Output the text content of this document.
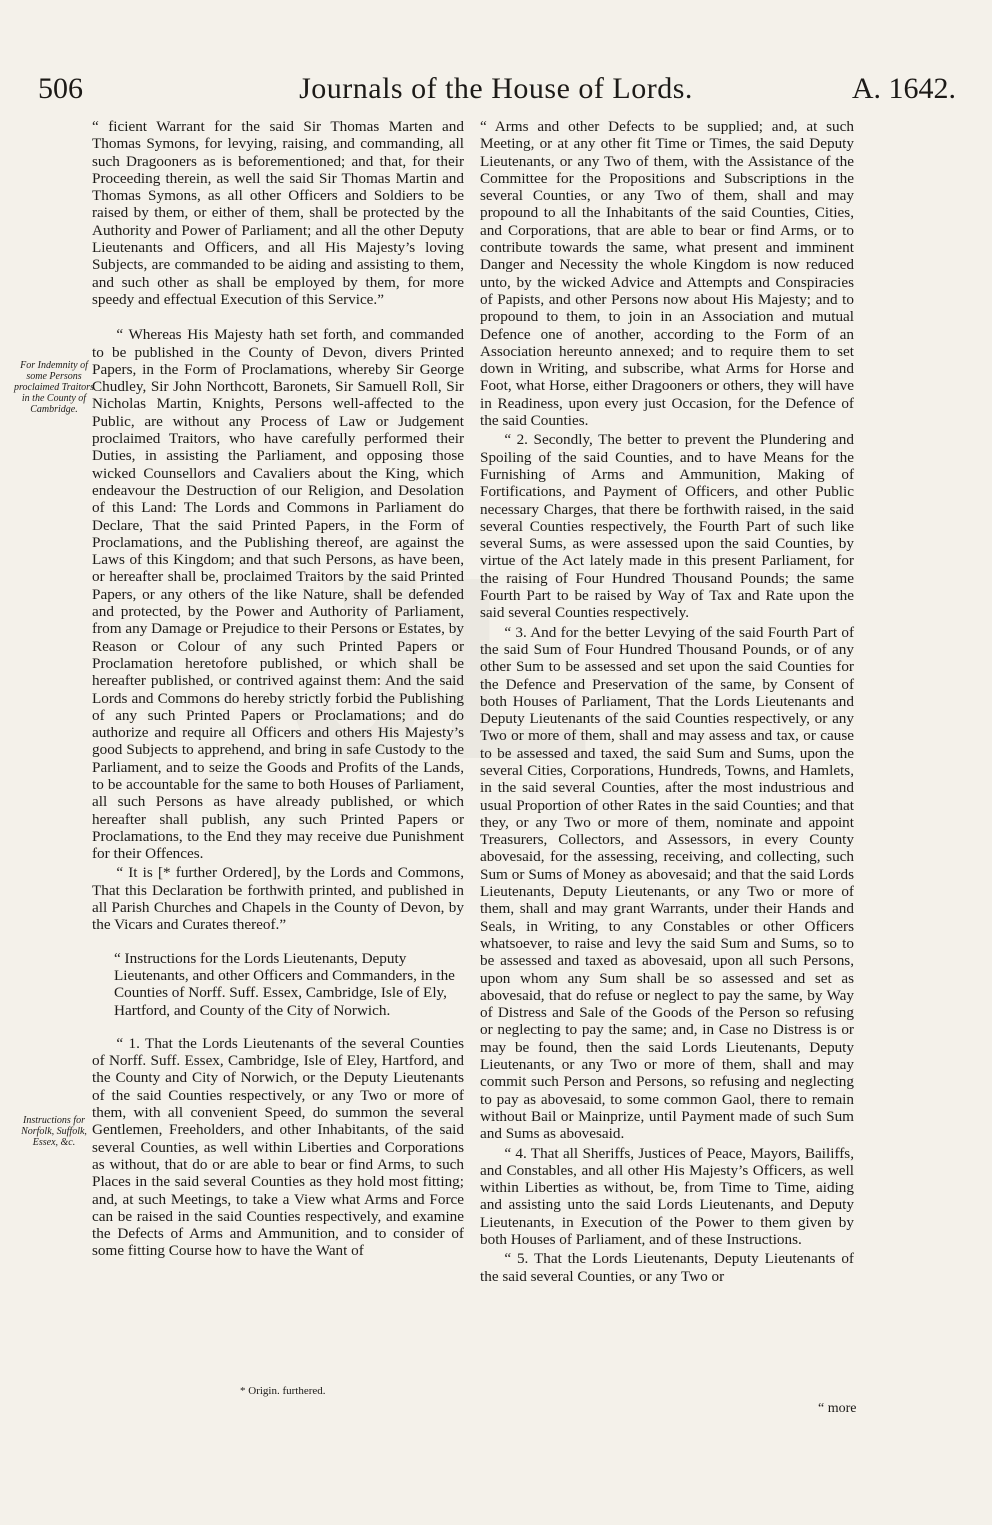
506	Journals of the House of Lords.	A. 1642.
For Indemnity of some Persons proclaimed Traitors in the County of Cambridge.
Instructions for Norfolk, Suffolk, Essex, &c.

“ ficient Warrant for the said Sir Thomas Marten and Thomas Symons, for levying, raising, and commanding, all such Dragooners as is beforementioned; and that, for their Proceeding therein, as well the said Sir Thomas Martin and Thomas Symons, as all other Officers and Soldiers to be raised by them, or either of them, shall be protected by the Authority and Power of Parliament; and all the other Deputy Lieutenants and Officers, and all His Majesty’s loving Subjects, are commanded to be aiding and assisting to them, and such other as shall be employed by them, for more speedy and effectual Execution of this Service.”

“ Whereas His Majesty hath set forth, and commanded to be published in the County of Devon, divers Printed Papers, in the Form of Proclamations, whereby Sir George Chudley, Sir John Northcott, Baronets, Sir Samuell Roll, Sir Nicholas Martin, Knights, Persons well-affected to the Public, are without any Process of Law or Judgement proclaimed Traitors, who have carefully performed their Duties, in assisting the Parliament, and opposing those wicked Counsellors and Cavaliers about the King, which endeavour the Destruction of our Religion, and Desolation of this Land: The Lords and Commons in Parliament do Declare, That the said Printed Papers, in the Form of Proclamations, and the Publishing thereof, are against the Laws of this Kingdom; and that such Persons, as have been, or hereafter shall be, proclaimed Traitors by the said Printed Papers, or any others of the like Nature, shall be defended and protected, by the Power and Authority of Parliament, from any Damage or Prejudice to their Persons or Estates, by Reason or Colour of any such Printed Papers or Proclamation heretofore published, or which shall be hereafter published, or contrived against them: And the said Lords and Commons do hereby strictly forbid the Publishing of any such Printed Papers or Proclamations; and do authorize and require all Officers and others His Majesty’s good Subjects to apprehend, and bring in safe Custody to the Parliament, and to seize the Goods and Profits of the Lands, to be accountable for the same to both Houses of Parliament, all such Persons as have already published, or which hereafter shall publish, any such Printed Papers or Proclamations, to the End they may receive due Punishment for their Offences.

“ It is [* further Ordered], by the Lords and Commons, That this Declaration be forthwith printed, and published in all Parish Churches and Chapels in the County of Devon, by the Vicars and Curates thereof.”

“ Instructions for the Lords Lieutenants, Deputy Lieutenants, and other Officers and Commanders, in the Counties of Norff. Suff. Essex, Cambridge, Isle of Ely, Hartford, and County of the City of Norwich.

“ 1. That the Lords Lieutenants of the several Counties of Norff. Suff. Essex, Cambridge, Isle of Eley, Hartford, and the County and City of Norwich, or the Deputy Lieutenants of the said Counties respectively, or any Two or more of them, with all convenient Speed, do summon the several Gentlemen, Freeholders, and other Inhabitants, of the said several Counties, as well within Liberties and Corporations as without, that do or are able to bear or find Arms, to such Places in the said several Counties as they hold most fitting; and, at such Meetings, to take a View what Arms and Force can be raised in the said Counties respectively, and examine the Defects of Arms and Ammunition, and to consider of some fitting Course how to have the Want of

“ Arms and other Defects to be supplied; and, at such Meeting, or at any other fit Time or Times, the said Deputy Lieutenants, or any Two of them, with the Assistance of the Committee for the Propositions and Subscriptions in the several Counties, or any Two of them, shall and may propound to all the Inhabitants of the said Counties, Cities, and Corporations, that are able to bear or find Arms, or to contribute towards the same, what present and imminent Danger and Necessity the whole Kingdom is now reduced unto, by the wicked Advice and Attempts and Conspiracies of Papists, and other Persons now about His Majesty; and to propound to them, to join in an Association and mutual Defence one of another, according to the Form of an Association hereunto annexed; and to require them to set down in Writing, and subscribe, what Arms for Horse and Foot, what Horse, either Dragooners or others, they will have in Readiness, upon every just Occasion, for the Defence of the said Counties.

“ 2. Secondly, The better to prevent the Plundering and Spoiling of the said Counties, and to have Means for the Furnishing of Arms and Ammunition, Making of Fortifications, and Payment of Officers, and other Public necessary Charges, that there be forthwith raised, in the said several Counties respectively, the Fourth Part of such like several Sums, as were assessed upon the said Counties, by virtue of the Act lately made in this present Parliament, for the raising of Four Hundred Thousand Pounds; the same Fourth Part to be raised by Way of Tax and Rate upon the said several Counties respectively.

“ 3. And for the better Levying of the said Fourth Part of the said Sum of Four Hundred Thousand Pounds, or of any other Sum to be assessed and set upon the said Counties for the Defence and Preservation of the same, by Consent of both Houses of Parliament, That the Lords Lieutenants and Deputy Lieutenants of the said Counties respectively, or any Two or more of them, shall and may assess and tax, or cause to be assessed and taxed, the said Sum and Sums, upon the several Cities, Corporations, Hundreds, Towns, and Hamlets, in the said several Counties, after the most industrious and usual Proportion of other Rates in the said Counties; and that they, or any Two or more of them, nominate and appoint Treasurers, Collectors, and Assessors, in every County abovesaid, for the assessing, receiving, and collecting, such Sum or Sums of Money as abovesaid; and that the said Lords Lieutenants, Deputy Lieutenants, or any Two or more of them, shall and may grant Warrants, under their Hands and Seals, in Writing, to any Constables or other Officers whatsoever, to raise and levy the said Sum and Sums, so to be assessed and taxed as abovesaid, upon all such Persons, upon whom any Sum shall be so assessed and set as abovesaid, that do refuse or neglect to pay the same, by Way of Distress and Sale of the Goods of the Person so refusing or neglecting to pay the same; and, in Case no Distress is or may be found, then the said Lords Lieutenants, Deputy Lieutenants, or any Two or more of them, shall and may commit such Person and Persons, so refusing and neglecting to pay as abovesaid, to some common Gaol, there to remain without Bail or Mainprize, until Payment made of such Sum and Sums as abovesaid.

“ 4. That all Sheriffs, Justices of Peace, Mayors, Bailiffs, and Constables, and all other His Majesty’s Officers, as well within Liberties as without, be, from Time to Time, aiding and assisting unto the said Lords Lieutenants, and Deputy Lieutenants, in Execution of the Power to them given by both Houses of Parliament, and of these Instructions.

“ 5. That the Lords Lieutenants, Deputy Lieutenants of the said several Counties, or any Two or

* Origin. furthered.
“ more
